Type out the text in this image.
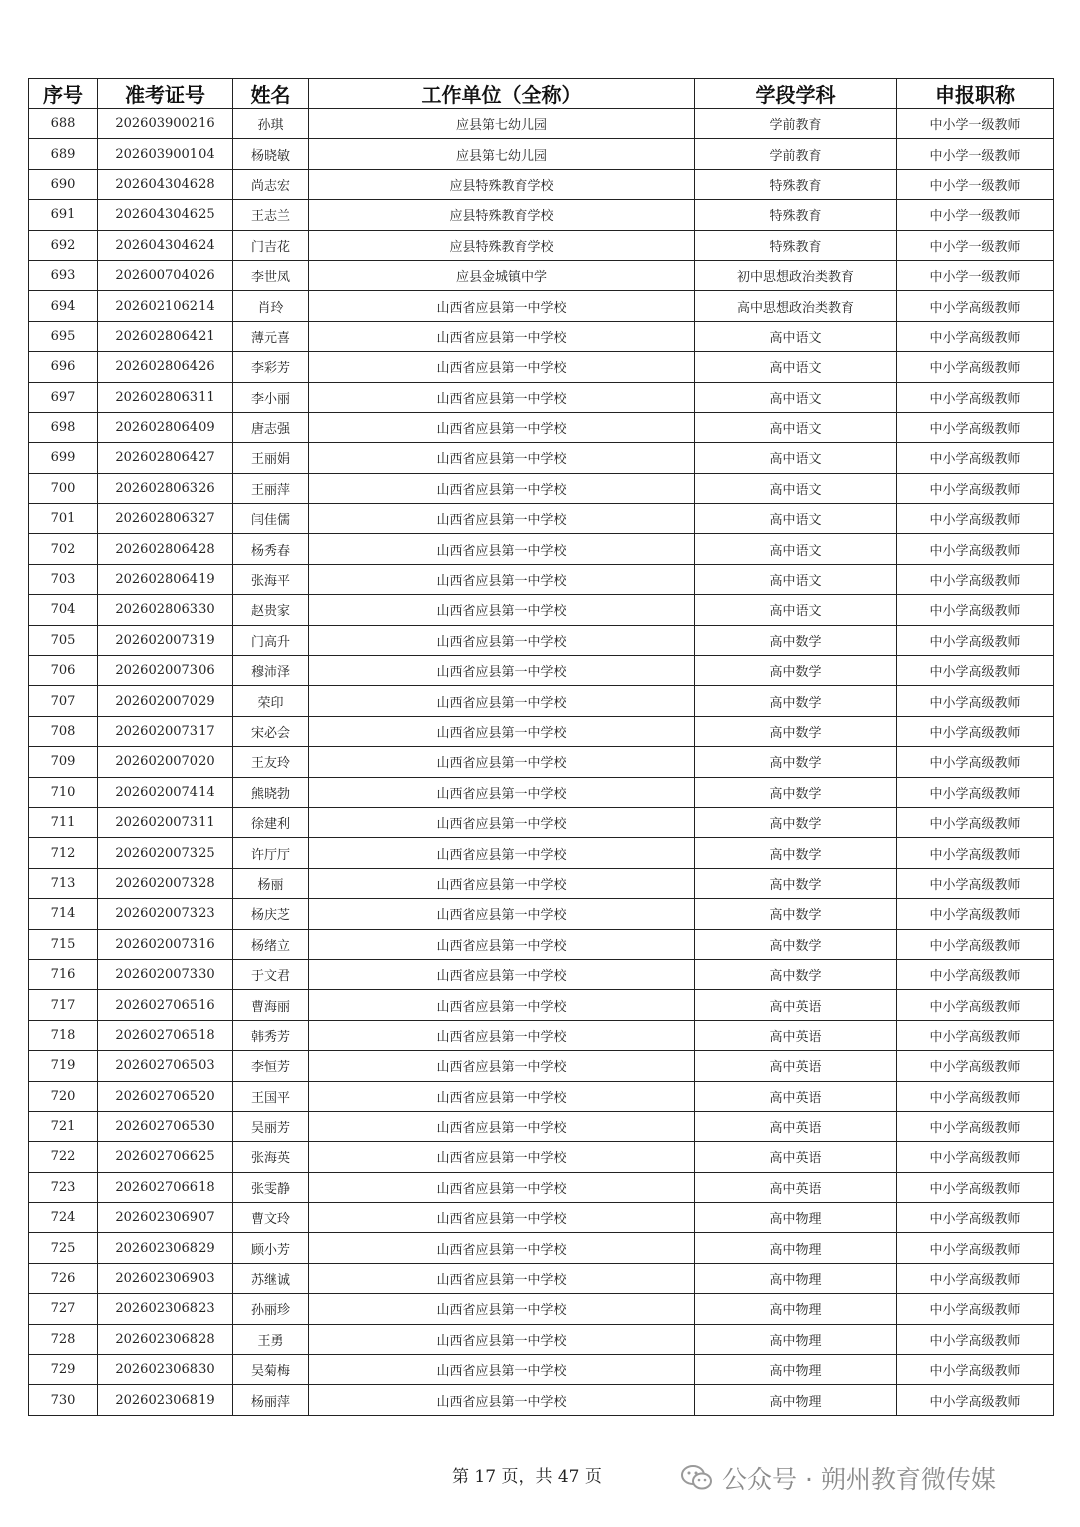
序号	准考证号	姓名	工作单位（全称）	学段学科	申报职称
688	202603900216	孙琪	应县第七幼儿园	学前教育	中小学一级教师
689	202603900104	杨晓敏	应县第七幼儿园	学前教育	中小学一级教师
690	202604304628	尚志宏	应县特殊教育学校	特殊教育	中小学一级教师
691	202604304625	王志兰	应县特殊教育学校	特殊教育	中小学一级教师
692	202604304624	门吉花	应县特殊教育学校	特殊教育	中小学一级教师
693	202600704026	李世凤	应县金城镇中学	初中思想政治类教育	中小学一级教师
694	202602106214	肖玲	山西省应县第一中学校	高中思想政治类教育	中小学高级教师
695	202602806421	薄元喜	山西省应县第一中学校	高中语文	中小学高级教师
696	202602806426	李彩芳	山西省应县第一中学校	高中语文	中小学高级教师
697	202602806311	李小丽	山西省应县第一中学校	高中语文	中小学高级教师
698	202602806409	唐志强	山西省应县第一中学校	高中语文	中小学高级教师
699	202602806427	王丽娟	山西省应县第一中学校	高中语文	中小学高级教师
700	202602806326	王丽萍	山西省应县第一中学校	高中语文	中小学高级教师
701	202602806327	闫佳儒	山西省应县第一中学校	高中语文	中小学高级教师
702	202602806428	杨秀春	山西省应县第一中学校	高中语文	中小学高级教师
703	202602806419	张海平	山西省应县第一中学校	高中语文	中小学高级教师
704	202602806330	赵贵家	山西省应县第一中学校	高中语文	中小学高级教师
705	202602007319	门高升	山西省应县第一中学校	高中数学	中小学高级教师
706	202602007306	穆沛泽	山西省应县第一中学校	高中数学	中小学高级教师
707	202602007029	荣印	山西省应县第一中学校	高中数学	中小学高级教师
708	202602007317	宋必会	山西省应县第一中学校	高中数学	中小学高级教师
709	202602007020	王友玲	山西省应县第一中学校	高中数学	中小学高级教师
710	202602007414	熊晓勃	山西省应县第一中学校	高中数学	中小学高级教师
711	202602007311	徐建利	山西省应县第一中学校	高中数学	中小学高级教师
712	202602007325	许厅厅	山西省应县第一中学校	高中数学	中小学高级教师
713	202602007328	杨丽	山西省应县第一中学校	高中数学	中小学高级教师
714	202602007323	杨庆芝	山西省应县第一中学校	高中数学	中小学高级教师
715	202602007316	杨绪立	山西省应县第一中学校	高中数学	中小学高级教师
716	202602007330	于文君	山西省应县第一中学校	高中数学	中小学高级教师
717	202602706516	曹海丽	山西省应县第一中学校	高中英语	中小学高级教师
718	202602706518	韩秀芳	山西省应县第一中学校	高中英语	中小学高级教师
719	202602706503	李恒芳	山西省应县第一中学校	高中英语	中小学高级教师
720	202602706520	王国平	山西省应县第一中学校	高中英语	中小学高级教师
721	202602706530	吴丽芳	山西省应县第一中学校	高中英语	中小学高级教师
722	202602706625	张海英	山西省应县第一中学校	高中英语	中小学高级教师
723	202602706618	张雯静	山西省应县第一中学校	高中英语	中小学高级教师
724	202602306907	曹文玲	山西省应县第一中学校	高中物理	中小学高级教师
725	202602306829	顾小芳	山西省应县第一中学校	高中物理	中小学高级教师
726	202602306903	苏继诚	山西省应县第一中学校	高中物理	中小学高级教师
727	202602306823	孙丽珍	山西省应县第一中学校	高中物理	中小学高级教师
728	202602306828	王勇	山西省应县第一中学校	高中物理	中小学高级教师
729	202602306830	吴菊梅	山西省应县第一中学校	高中物理	中小学高级教师
730	202602306819	杨丽萍	山西省应县第一中学校	高中物理	中小学高级教师
第 17 页，共 47 页	公众号 · 朔州教育微传媒
